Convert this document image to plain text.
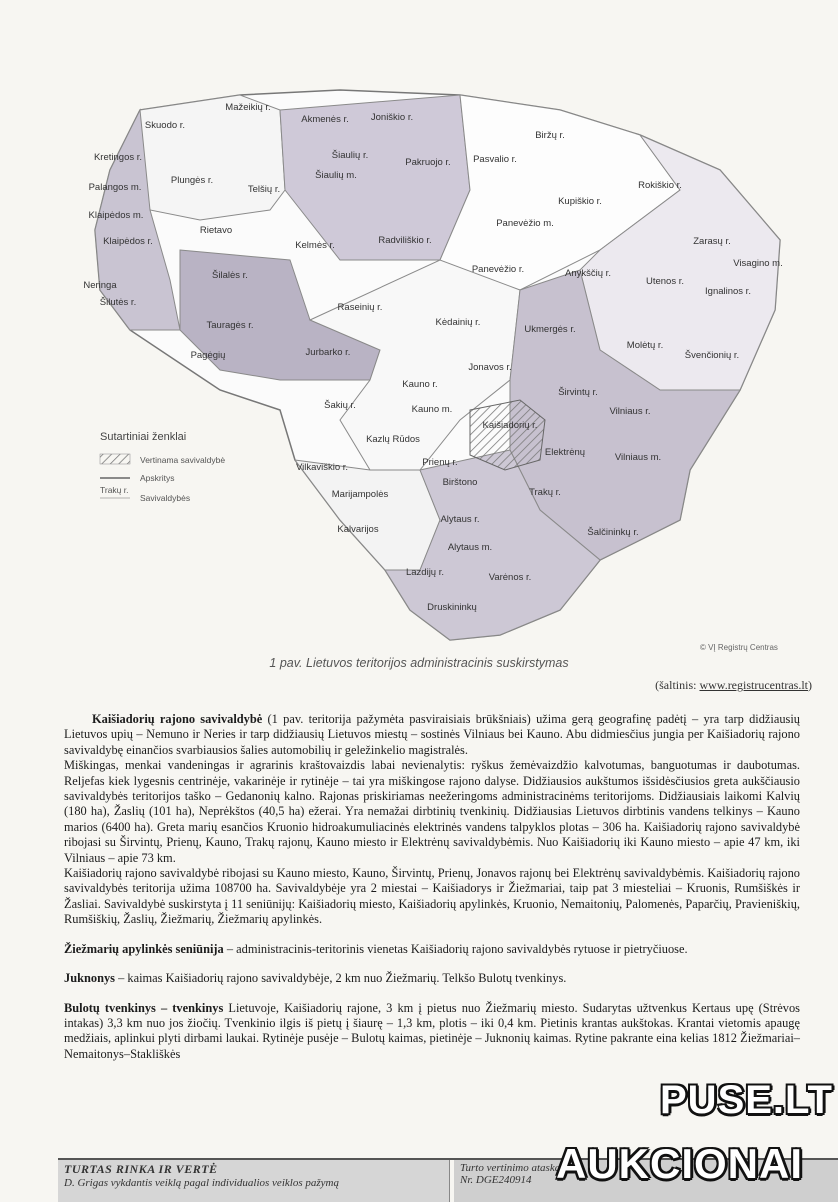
Mažeikių r.
Akmenės r. Joniškio r.
Biržų r.
Skuodo r.
Šiaulių r.
Pakruojo r. Pasvalio r.
Kretingos r.
Palangos m.
Plungės r.
Telšių r.
Šiaulių m.
Rokiškio r.
Klaipėdos m.
Klaipėdos r.
Rietavo
Kupiškio r.
Panevėžio m.
Kelmės r.	Radviliškio r.	Zarasų r.
Neringa
Šilalės r.
Panevėžio r.	Anykščių r.
Visagino m.
Šilutės r.
Utenos r.
Ignalinos r.
Raseinių r.
Tauragės r.	Kėdainių r.
Ukmergės r.
Molėtų r.
Pagėgių	Jurbarko r.	Švenčionių r.
Jonavos r.
Kauno r.
Širvintų r.
Šakių r.	Kauno m.	Vilniaus r.
Kaišiadorių r.
Kazlų Rūdos
Elektrėnų	Vilniaus m.
Vilkaviškio r.	Prienų r.
Birštono
Marijampolės	Trakų r.
Kalvarijos
Alytaus r.
Šalčininkų r.
Alytaus m.
Lazdijų r.	Varėnos r.
Druskininkų
Sutartiniai ženklai
Vertinama savivaldybė
Apskritys
Trakų r.
Savivaldybės
© VĮ Registrų Centras
1 pav. Lietuvos teritorijos administracinis suskirstymas
(šaltinis: www.registrucentras.lt)

Kaišiadorių rajono savivaldybė (1 pav. teritorija pažymėta pasviraisiais brūkšniais) užima gerą geografinę padėtį – yra tarp didžiausių Lietuvos upių – Nemuno ir Neries ir tarp didžiausių Lietuvos miestų – sostinės Vilniaus bei Kauno. Abu didmiesčius jungia per Kaišiadorių rajono savivaldybę einančios svarbiausios šalies automobilių ir geležinkelio magistralės.

Miškingas, menkai vandeningas ir agrarinis kraštovaizdis labai nevienalytis: ryškus žemėvaizdžio kalvotumas, banguotumas ir daubotumas. Reljefas kiek lygesnis centrinėje, vakarinėje ir rytinėje – tai yra miškingose rajono dalyse. Didžiausios aukštumos išsidėsčiusios greta aukščiausio savivaldybės teritorijos taško – Gedanonių kalno. Rajonas priskiriamas neežeringoms administracinėms teritorijoms. Didžiausiais laikomi Kalvių (180 ha), Žaslių (101 ha), Neprėkštos (40,5 ha) ežerai. Yra nemažai dirbtinių tvenkinių. Didžiausias Lietuvos dirbtinis vandens telkinys – Kauno marios (6400 ha). Greta marių esančios Kruonio hidroakumuliacinės elektrinės vandens talpyklos plotas – 306 ha. Kaišiadorių rajono savivaldybė ribojasi su Širvintų, Prienų, Kauno, Trakų rajonų, Kauno miesto ir Elektrėnų savivaldybėmis. Nuo Kaišiadorių iki Kauno miesto – apie 47 km, iki Vilniaus – apie 73 km.

Kaišiadorių rajono savivaldybė ribojasi su Kauno miesto, Kauno, Širvintų, Prienų, Jonavos rajonų bei Elektrėnų savivaldybėmis. Kaišiadorių rajono savivaldybės teritorija užima 108700 ha. Savivaldybėje yra 2 miestai – Kaišiadorys ir Žiežmariai, taip pat 3 miesteliai – Kruonis, Rumšiškės ir Žasliai. Savivaldybė suskirstyta į 11 seniūnijų: Kaišiadorių miesto, Kaišiadorių apylinkės, Kruonio, Nemaitonių, Palomenės, Paparčių, Pravieniškių, Rumšiškių, Žaslių, Žiežmarių, Žiežmarių apylinkės.

Žiežmarių apylinkės seniūnija – administracinis-teritorinis vienetas Kaišiadorių rajono savivaldybės rytuose ir pietryčiuose.

Juknonys – kaimas Kaišiadorių rajono savivaldybėje, 2 km nuo Žiežmarių. Telkšo Bulotų tvenkinys.

Bulotų tvenkinys – tvenkinys Lietuvoje, Kaišiadorių rajone, 3 km į pietus nuo Žiežmarių miesto. Sudarytas užtvenkus Kertaus upę (Strėvos intakas) 3,3 km nuo jos žiočių. Tvenkinio ilgis iš pietų į šiaurę – 1,3 km, plotis – iki 0,4 km. Pietinis krantas aukštokas. Krantai vietomis apaugę medžiais, aplinkui plyti dirbami laukai. Rytinėje pusėje – Bulotų kaimas, pietinėje – Juknonių kaimas. Rytine pakrante eina kelias 1812 Žiežmariai–Nemaitonys–Stakliškės

TURTAS RINKA IR VERTĖ
D. Grigas vykdantis veiklą pagal individualios veiklos pažymą
Turto vertinimo ataskaita
Nr. DGE240914
PUSE.LT
AUKCIONAI
